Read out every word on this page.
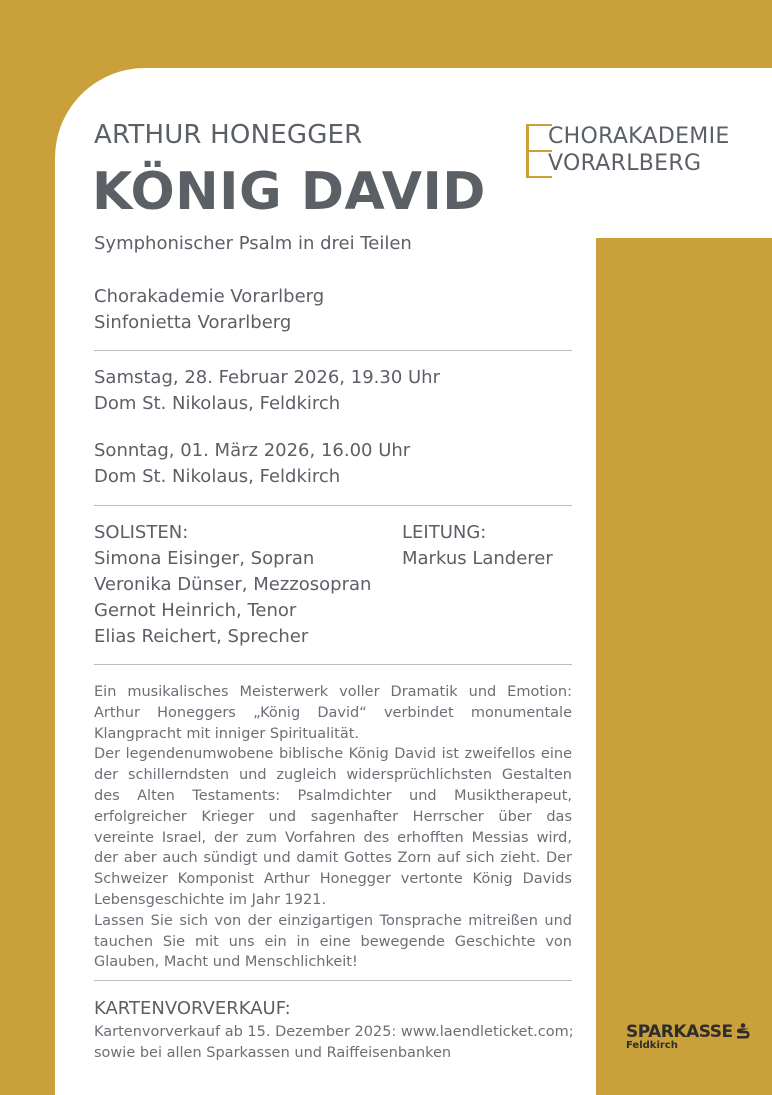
CHORAKADEMIE
VORARLBERG
ARTHUR HONEGGER
KÖNIG DAVID
Symphonischer Psalm in drei Teilen
Chorakademie Vorarlberg
Sinfonietta Vorarlberg
Samstag, 28. Februar 2026, 19.30 Uhr
Dom St. Nikolaus, Feldkirch
Sonntag, 01. März 2026, 16.00 Uhr
Dom St. Nikolaus, Feldkirch
SOLISTEN:
Simona Eisinger, Sopran
Veronika Dünser, Mezzosopran
Gernot Heinrich, Tenor
Elias Reichert, Sprecher
LEITUNG:
Markus Landerer

Ein musikalisches Meisterwerk voller Dramatik und Emotion: Arthur Honeggers „König David“ verbindet monumentale Klangpracht mit inniger Spiritualität.

Der legendenumwobene biblische König David ist zweifellos eine der schillerndsten und zugleich widersprüchlichsten Gestalten des Alten Testaments: Psalmdichter und Musiktherapeut, erfolgreicher Krieger und sagenhafter Herrscher über das vereinte Israel, der zum Vorfahren des erhofften Messias wird, der aber auch sündigt und damit Gottes Zorn auf sich zieht. Der Schweizer Komponist Arthur Honegger vertonte König Davids Lebensgeschichte im Jahr 1921.

Lassen Sie sich von der einzigartigen Tonsprache mitreißen und tauchen Sie mit uns ein in eine bewegende Geschichte von Glauben, Macht und Menschlichkeit!

KARTENVORVERKAUF:
Kartenvorverkauf ab 15. Dezember 2025: www.laendleticket.com;
sowie bei allen Sparkassen und Raiffeisenbanken
SPARKASSE
Feldkirch
